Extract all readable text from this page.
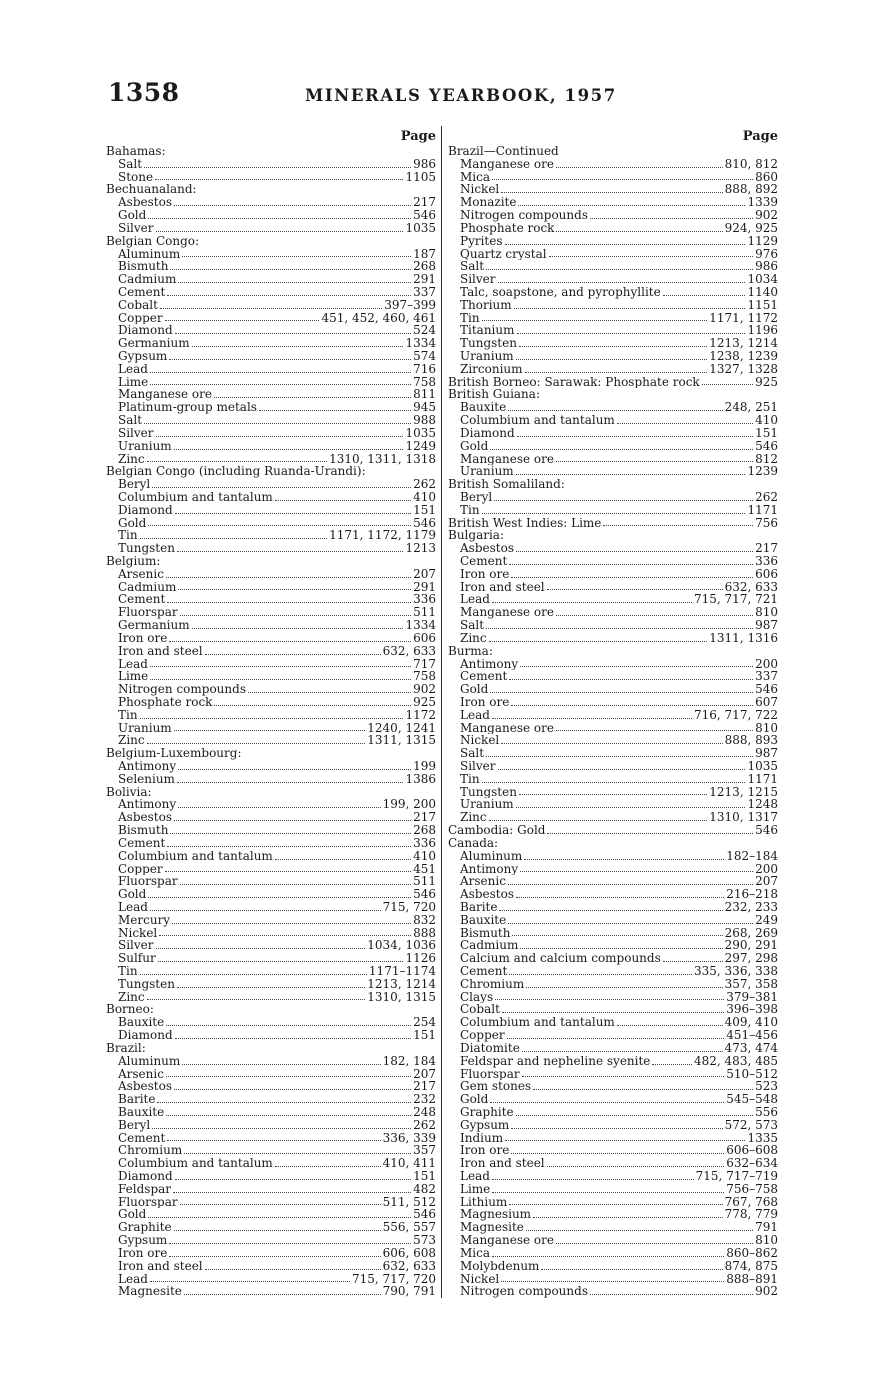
1358	MINERALS YEARBOOK, 1957
Page
Bahamas:
Salt	986
Stone	1105
Bechuanaland:
Asbestos	217
Gold	546
Silver	1035
Belgian Congo:
Aluminum	187
Bismuth	268
Cadmium	291
Cement	337
Cobalt	397–399
Copper	451, 452, 460, 461
Diamond	524
Germanium	1334
Gypsum	574
Lead	716
Lime	758
Manganese ore	811
Platinum-group metals	945
Salt	988
Silver	1035
Uranium	1249
Zinc	1310, 1311, 1318
Belgian Congo (including Ruanda-Urandi):
Beryl	262
Columbium and tantalum	410
Diamond	151
Gold	546
Tin	1171, 1172, 1179
Tungsten	1213
Belgium:
Arsenic	207
Cadmium	291
Cement	336
Fluorspar	511
Germanium	1334
Iron ore	606
Iron and steel	632, 633
Lead	717
Lime	758
Nitrogen compounds	902
Phosphate rock	925
Tin	1172
Uranium	1240, 1241
Zinc	1311, 1315
Belgium-Luxembourg:
Antimony	199
Selenium	1386
Bolivia:
Antimony	199, 200
Asbestos	217
Bismuth	268
Cement	336
Columbium and tantalum	410
Copper	451
Fluorspar	511
Gold	546
Lead	715, 720
Mercury	832
Nickel	888
Silver	1034, 1036
Sulfur	1126
Tin	1171–1174
Tungsten	1213, 1214
Zinc	1310, 1315
Borneo:
Bauxite	254
Diamond	151
Brazil:
Aluminum	182, 184
Arsenic	207
Asbestos	217
Barite	232
Bauxite	248
Beryl	262
Cement	336, 339
Chromium	357
Columbium and tantalum	410, 411
Diamond	151
Feldspar	482
Fluorspar	511, 512
Gold	546
Graphite	556, 557
Gypsum	573
Iron ore	606, 608
Iron and steel	632, 633
Lead	715, 717, 720
Magnesite	790, 791
Page
Brazil—Continued
Manganese ore	810, 812
Mica	860
Nickel	888, 892
Monazite	1339
Nitrogen compounds	902
Phosphate rock	924, 925
Pyrites	1129
Quartz crystal	976
Salt	986
Silver	1034
Talc, soapstone, and pyrophyllite	1140
Thorium	1151
Tin	1171, 1172
Titanium	1196
Tungsten	1213, 1214
Uranium	1238, 1239
Zirconium	1327, 1328
British Borneo: Sarawak: Phosphate rock	925
British Guiana:
Bauxite	248, 251
Columbium and tantalum	410
Diamond	151
Gold	546
Manganese ore	812
Uranium	1239
British Somaliland:
Beryl	262
Tin	1171
British West Indies: Lime	756
Bulgaria:
Asbestos	217
Cement	336
Iron ore	606
Iron and steel	632, 633
Lead	715, 717, 721
Manganese ore	810
Salt	987
Zinc	1311, 1316
Burma:
Antimony	200
Cement	337
Gold	546
Iron ore	607
Lead	716, 717, 722
Manganese ore	810
Nickel	888, 893
Salt	987
Silver	1035
Tin	1171
Tungsten	1213, 1215
Uranium	1248
Zinc	1310, 1317
Cambodia: Gold	546
Canada:
Aluminum	182–184
Antimony	200
Arsenic	207
Asbestos	216–218
Barite	232, 233
Bauxite	249
Bismuth	268, 269
Cadmium	290, 291
Calcium and calcium compounds	297, 298
Cement	335, 336, 338
Chromium	357, 358
Clays	379–381
Cobalt	396–398
Columbium and tantalum	409, 410
Copper	451–456
Diatomite	473, 474
Feldspar and nepheline syenite	482, 483, 485
Fluorspar	510–512
Gem stones	523
Gold	545–548
Graphite	556
Gypsum	572, 573
Indium	1335
Iron ore	606–608
Iron and steel	632–634
Lead	715, 717–719
Lime	756–758
Lithium	767, 768
Magnesium	778, 779
Magnesite	791
Manganese ore	810
Mica	860–862
Molybdenum	874, 875
Nickel	888–891
Nitrogen compounds	902
